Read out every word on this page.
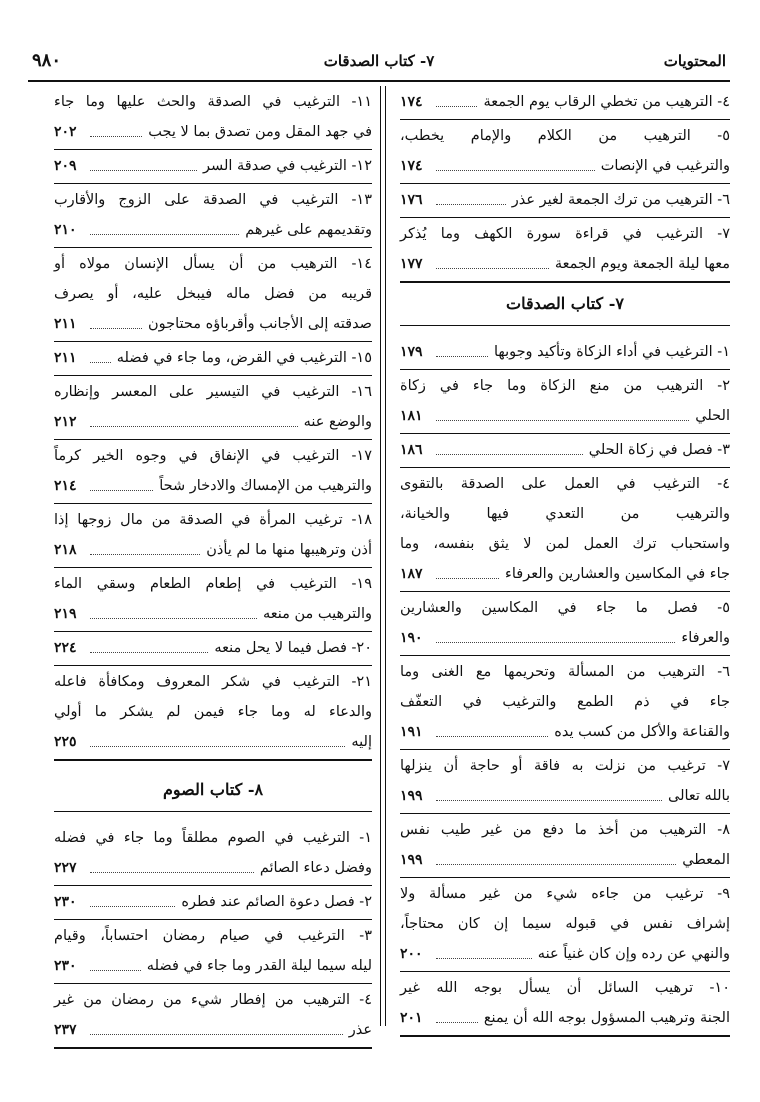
المحتويات
٧- كتاب الصدقات
٩٨٠
٤- الترهيب من تخطي الرقاب يوم الجمعة
١٧٤
٥- الترهيب من الكلام والإمام يخطب،
والترغيب في الإنصات
١٧٤
٦- الترهيب من ترك الجمعة لغير عذر
١٧٦
٧- الترغيب في قراءة سورة الكهف وما يُذكر
معها ليلة الجمعة ويوم الجمعة
١٧٧
٧- كتاب الصدقات
١- الترغيب في أداء الزكاة وتأكيد وجوبها
١٧٩
٢- الترهيب من منع الزكاة وما جاء في زكاة
الحلي
١٨١
٣- فصل في زكاة الحلي
١٨٦
٤- الترغيب في العمل على الصدقة بالتقوى
والترهيب من التعدي فيها والخيانة،
واستحباب ترك العمل لمن لا يثق بنفسه، وما
جاء في المكاسين والعشارين والعرفاء
١٨٧
٥- فصل ما جاء في المكاسين والعشارين
والعرفاء
١٩٠
٦- الترهيب من المسألة وتحريمها مع الغنى وما
جاء في ذم الطمع والترغيب في التعفّف
والقناعة والأكل من كسب يده
١٩١
٧- ترغيب من نزلت به فاقة أو حاجة أن ينزلها
بالله تعالى
١٩٩
٨- الترهيب من أخذ ما دفع من غير طيب نفس
المعطي
١٩٩
٩- ترغيب من جاءه شيء من غير مسألة ولا
إشراف نفس في قبوله سيما إن كان محتاجاً،
والنهي عن رده وإن كان غنياً عنه
٢٠٠
١٠- ترهيب السائل أن يسأل بوجه الله غير
الجنة وترهيب المسؤول بوجه الله أن يمنع
٢٠١
١١- الترغيب في الصدقة والحث عليها وما جاء
في جهد المقل ومن تصدق بما لا يجب
٢٠٢
١٢- الترغيب في صدقة السر
٢٠٩
١٣- الترغيب في الصدقة على الزوج والأقارب
وتقديمهم على غيرهم
٢١٠
١٤- الترهيب من أن يسأل الإنسان مولاه أو
قريبه من فضل ماله فيبخل عليه، أو يصرف
صدقته إلى الأجانب وأقرباؤه محتاجون
٢١١
١٥- الترغيب في القرض، وما جاء في فضله
٢١١
١٦- الترغيب في التيسير على المعسر وإنظاره
والوضع عنه
٢١٢
١٧- الترغيب في الإنفاق في وجوه الخير كرماً
والترهيب من الإمساك والادخار شحاً
٢١٤
١٨- ترغيب المرأة في الصدقة من مال زوجها إذا
أذن وترهيبها منها ما لم يأذن
٢١٨
١٩- الترغيب في إطعام الطعام وسقي الماء
والترهيب من منعه
٢١٩
٢٠- فصل فيما لا يحل منعه
٢٢٤
٢١- الترغيب في شكر المعروف ومكافأة فاعله
والدعاء له وما جاء فيمن لم يشكر ما أولي
إليه
٢٢٥
٨- كتاب الصوم
١- الترغيب في الصوم مطلقاً وما جاء في فضله
وفضل دعاء الصائم
٢٢٧
٢- فصل دعوة الصائم عند فطره
٢٣٠
٣- الترغيب في صيام رمضان احتساباً، وقيام
ليله سيما ليلة القدر وما جاء في فضله
٢٣٠
٤- الترهيب من إفطار شيء من رمضان من غير
عذر
٢٣٧
